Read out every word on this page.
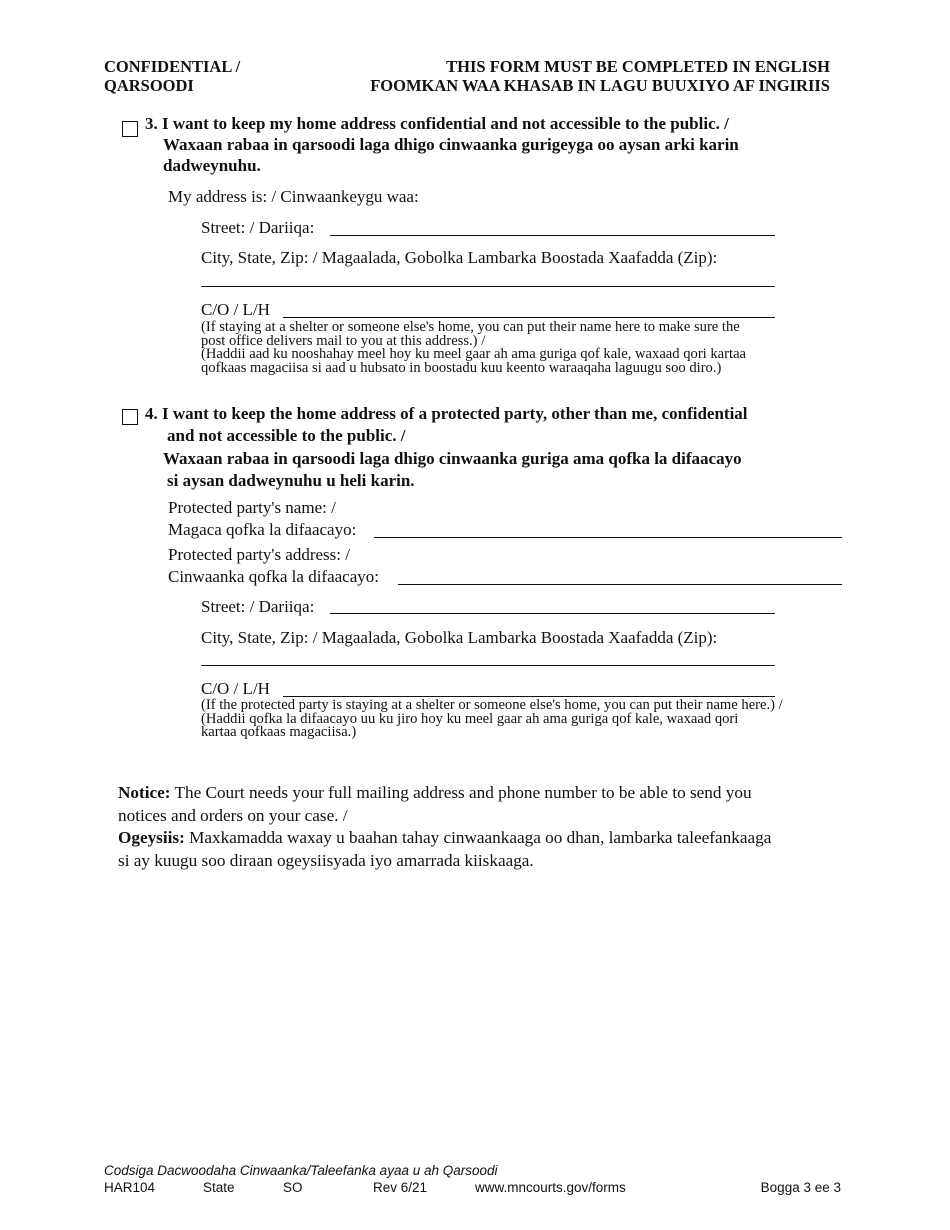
CONFIDENTIAL /
QARSOODI
THIS FORM MUST BE COMPLETED IN ENGLISH
FOOMKAN WAA KHASAB IN LAGU BUUXIYO AF INGIRIIS
3. I want to keep my home address confidential and not accessible to the public. /
Waxaan rabaa in qarsoodi laga dhigo cinwaanka gurigeyga oo aysan arki karin
dadweynuhu.
My address is: / Cinwaankeygu waa:
Street: / Dariiqa:
City, State, Zip: / Magaalada, Gobolka Lambarka Boostada Xaafadda (Zip):
C/O / L/H
(If staying at a shelter or someone else's home, you can put their name here to make sure the
post office delivers mail to you at this address.) /
(Haddii aad ku nooshahay meel hoy ku meel gaar ah ama guriga qof kale, waxaad qori kartaa
qofkaas magaciisa si aad u hubsato in boostadu kuu keento waraaqaha laguugu soo diro.)
4. I want to keep the home address of a protected party, other than me, confidential
and not accessible to the public. /
Waxaan rabaa in qarsoodi laga dhigo cinwaanka guriga ama qofka la difaacayo
si aysan dadweynuhu u heli karin.
Protected party's name: /
Magaca qofka la difaacayo:
Protected party's address: /
Cinwaanka qofka la difaacayo:
Street: / Dariiqa:
City, State, Zip: / Magaalada, Gobolka Lambarka Boostada Xaafadda (Zip):
C/O / L/H
(If the protected party is staying at a shelter or someone else's home, you can put their name here.) /
(Haddii qofka la difaacayo uu ku jiro hoy ku meel gaar ah ama guriga qof kale, waxaad qori
kartaa qofkaas magaciisa.)
Notice: The Court needs your full mailing address and phone number to be able to send you
notices and orders on your case. /
Ogeysiis: Maxkamadda waxay u baahan tahay cinwaankaaga oo dhan, lambarka taleefankaaga
si ay kuugu soo diraan ogeysiisyada iyo amarrada kiiskaaga.
Codsiga Dacwoodaha Cinwaanka/Taleefanka ayaa u ah Qarsoodi
HAR104	State	SO	Rev 6/21	www.mncourts.gov/forms	Bogga 3 ee 3
